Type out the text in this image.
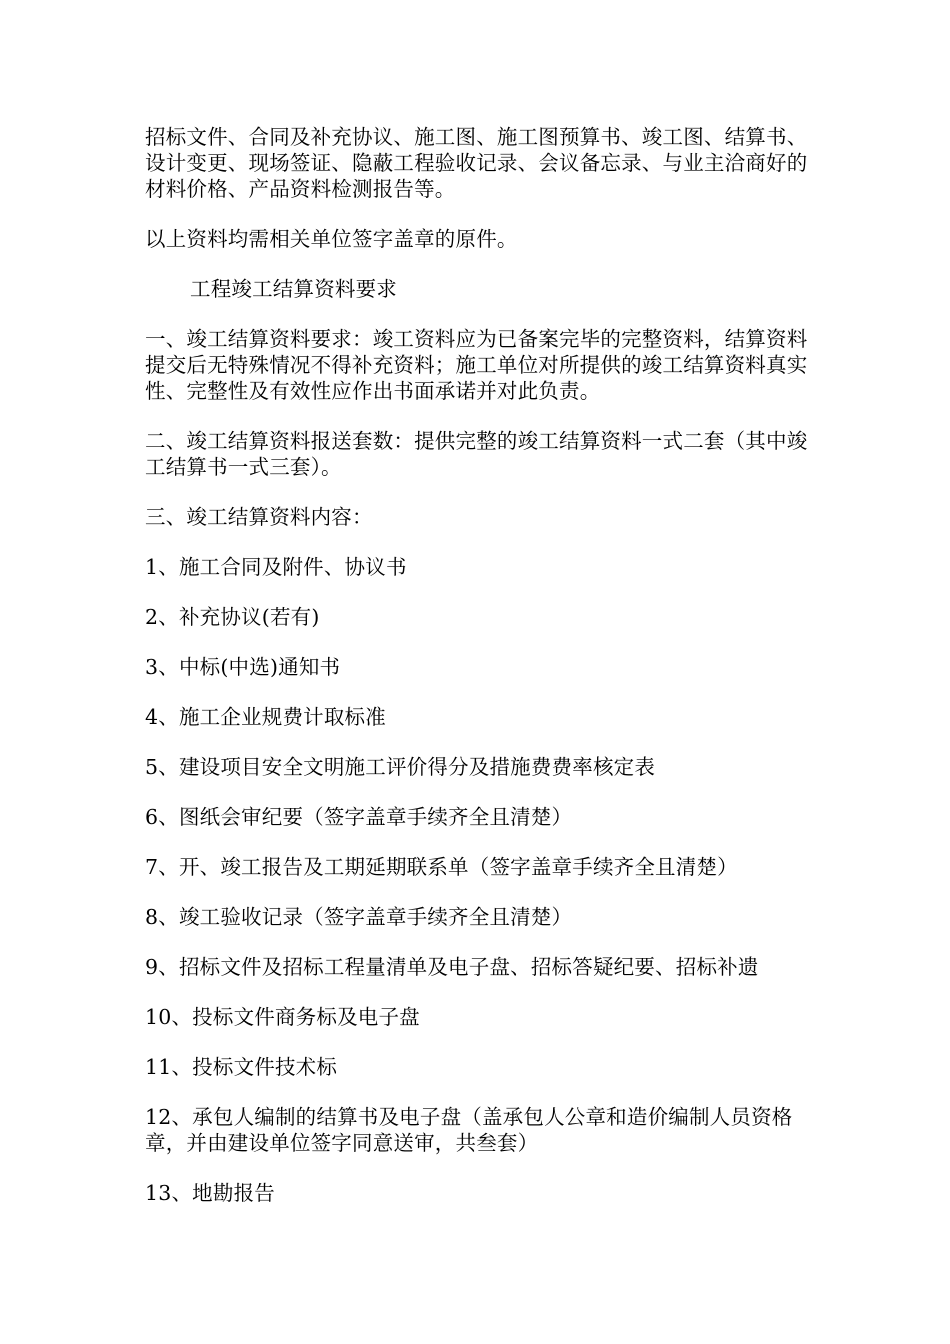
招标文件、合同及补充协议、施工图、施工图预算书、竣工图、结算书、设计变更、现场签证、隐蔽工程验收记录、会议备忘录、与业主洽商好的材料价格、产品资料检测报告等。

以上资料均需相关单位签字盖章的原件。

工程竣工结算资料要求

一、竣工结算资料要求：竣工资料应为已备案完毕的完整资料，结算资料提交后无特殊情况不得补充资料；施工单位对所提供的竣工结算资料真实性、完整性及有效性应作出书面承诺并对此负责。

二、竣工结算资料报送套数：提供完整的竣工结算资料一式二套（其中竣工结算书一式三套）。

三、竣工结算资料内容：

1、施工合同及附件、协议书

2、补充协议(若有)

3、中标(中选)通知书

4、施工企业规费计取标准

5、建设项目安全文明施工评价得分及措施费费率核定表

6、图纸会审纪要（签字盖章手续齐全且清楚）

7、开、竣工报告及工期延期联系单（签字盖章手续齐全且清楚）

8、竣工验收记录（签字盖章手续齐全且清楚）

9、招标文件及招标工程量清单及电子盘、招标答疑纪要、招标补遗

10、投标文件商务标及电子盘

11、投标文件技术标

12、承包人编制的结算书及电子盘（盖承包人公章和造价编制人员资格章，并由建设单位签字同意送审，共叁套）

13、地勘报告
